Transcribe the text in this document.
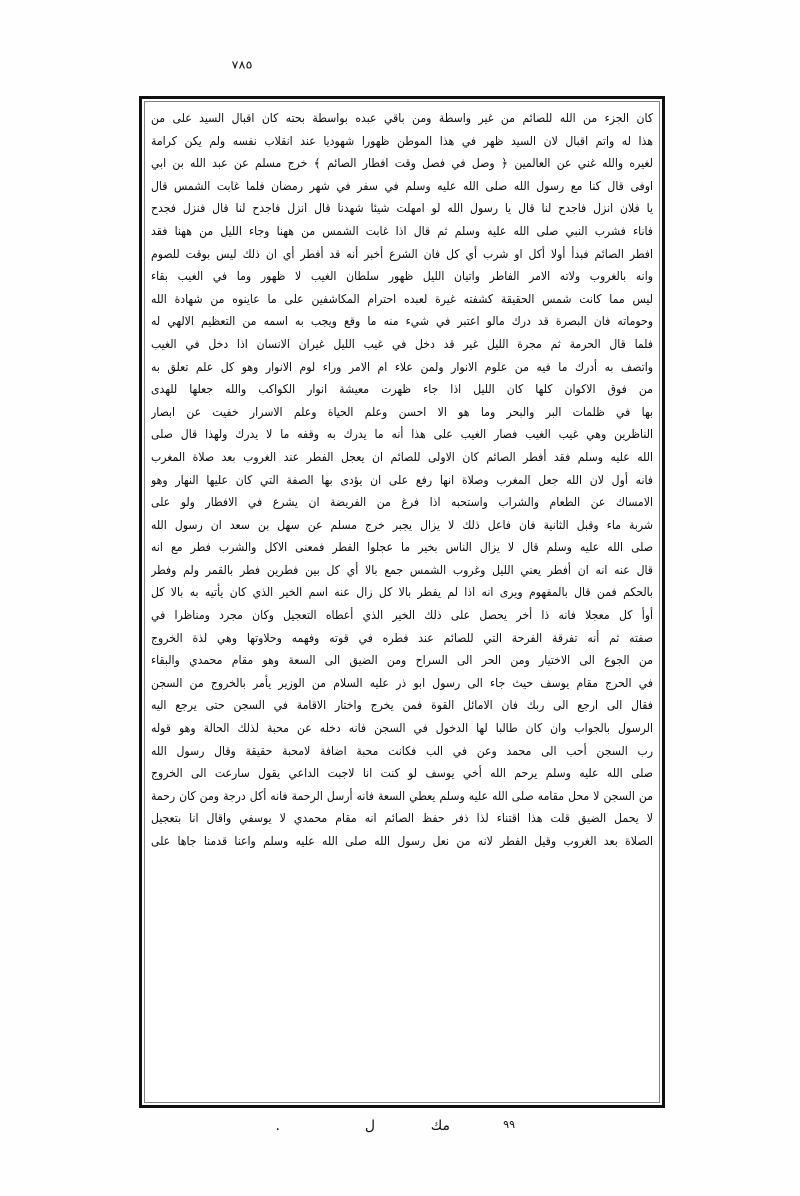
٧٨٥
كان الجزء من الله للصائم من غير واسطة ومن باقي عبده بواسطة بحته كان اقبال السيد على من
هذا له واتم اقبال لان السيد ظهر في هذا الموطن ظهورا شهوديا عند انقلاب نفسه ولم يكن كرامة
لغيره والله غني عن العالمين ﴿ وصل في فصل وقت افطار الصائم ﴾ خرج مسلم عن عبد الله بن ابي
اوفى قال كنا مع رسول الله صلى الله عليه وسلم في سفر في شهر رمضان فلما غابت الشمس قال
يا فلان انزل فاجدح لنا قال يا رسول الله لو امهلت شيئا شهدنا قال انزل فاجدح لنا قال فنزل فجدح
فاناء فشرب النبي صلى الله عليه وسلم ثم قال اذا غابت الشمس من ههنا وجاء الليل من ههنا فقد
افطر الصائم فبدأ أولا أكل او شرب أي كل فان الشرع أخبر أنه قد أفطر أي ان ذلك ليس بوقت للصوم
وانه بالغروب ولاته الامر الفاطر واتيان الليل ظهور سلطان الغيب لا ظهور وما في الغيب بقاء
ليس مما كانت شمس الحقيقة كشفته غيرة لعبده احترام المكاشفين على ما عاينوه من شهادة الله
وحوماته فان البصرة قد درك مالو اعتبر في شيء منه ما وقع ويجب به اسمه من التعظيم الالهي له
فلما قال الحرمة ثم مجرة الليل غير قد دخل في غيب الليل غيران الانسان اذا دخل في الغيب
واتصف به أدرك ما فيه من علوم الانوار ولمن علاء ام الامر وراء لوم الانوار وهو كل علم تعلق به
من فوق الاكوان كلها كان الليل اذا جاء ظهرت معيشة انوار الكواكب والله جعلها للهدى
بها في ظلمات البر والبحر وما هو الا احسن وعلم الحياة وعلم الاسرار خفيت عن ابصار
الناظرين وهي غيب الغيب فصار الغيب على هذا أنه ما يدرك به وقفه ما لا يدرك ولهذا قال صلى
الله عليه وسلم فقد أفطر الصائم كان الاولى للصائم ان يعجل الفطر عند الغروب بعد صلاة المغرب
فانه أول لان الله جعل المغرب وصلاة انها رفع على ان يؤدى بها الصفة التي كان عليها النهار وهو
الامساك عن الطعام والشراب واستحبه اذا فرغ من الفريضة ان يشرع في الافطار ولو على
شربة ماء وقبل الثانية فان فاعل ذلك لا يزال يجبر خرج مسلم عن سهل بن سعد ان رسول الله
صلى الله عليه وسلم قال لا يزال الناس بخير ما عجلوا الفطر فمعنى الاكل والشرب فطر مع انه
قال عنه انه ان أفطر يعني الليل وغروب الشمس جمع بالا أي كل بين فطرين فطر بالقمر ولم وفطر
بالحكم فمن قال بالمفهوم ويرى انه اذا لم يفطر بالا كل زال عنه اسم الخير الذي كان يأتيه به بالا كل
أوأ كل معجلا فانه ذا أخر يحصل على ذلك الخير الذي أعطاه التعجيل وكان مجرد ومناظرا في
صفته ثم أنه تفرقة الفرحة التي للصائم عند فطره في قوته وفهمه وحلاوتها وهي لذة الخروج
من الجوع الى الاختيار ومن الحر الى السراح ومن الضيق الى السعة وهو مقام محمدي والبقاء
في الحرج مقام يوسف حيث جاء الى رسول ابو ذر عليه السلام من الوزير يأمر بالخروج من السجن
فقال الى ارجع الى ربك فان الامائل القوة فمن يخرج واختار الاقامة في السجن حتى يرجع اليه
الرسول بالجواب وان كان طالبا لها الدخول في السجن فانه دخله عن محبة لذلك الحالة وهو قوله
رب السجن أحب الى محمد وعن في الب فكانت محبة اضافة لامحبة حقيقة وقال رسول الله
صلى الله عليه وسلم يرحم الله أخي يوسف لو كنت انا لاجبت الداعي يقول سارعت الى الخروج
من السجن لا محل مقامه صلى الله عليه وسلم يعطي السعة فانه أرسل الرحمة فانه أكل درجة ومن كان رحمة
لا يحمل الضيق قلت هذا اقتناء لذا ذفر حفظ الصائم انه مقام محمدي لا يوسفي واقال انا بتعجيل
الصلاة بعد الغروب وقيل الفطر لانه من نعل رسول الله صلى الله عليه وسلم واعنا قدمنا جاها على
٩٩
مك
ل
.
